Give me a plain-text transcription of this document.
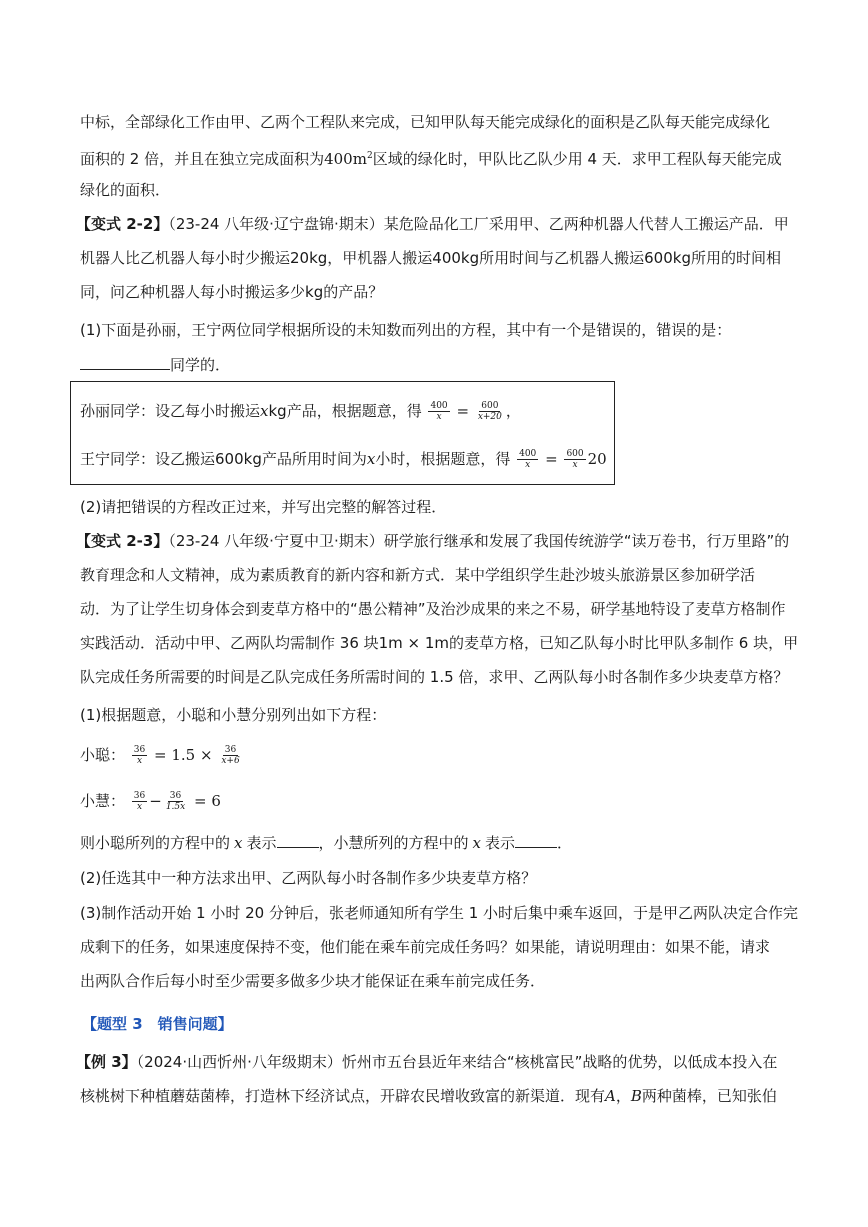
中标，全部绿化工作由甲、乙两个工程队来完成，已知甲队每天能完成绿化的面积是乙队每天能完成绿化
面积的 2 倍，并且在独立完成面积为$400m^2$区域的绿化时，甲队比乙队少用 4 天．求甲工程队每天能完成
绿化的面积．
【变式 2-2】（23-24 八年级·辽宁盘锦·期末）某危险品化工厂采用甲、乙两种机器人代替人工搬运产品．甲
机器人比乙机器人每小时少搬运20kg，甲机器人搬运400kg所用时间与乙机器人搬运600kg所用的时间相
同，问乙种机器人每小时搬运多少kg的产品？
(1)下面是孙丽，王宁两位同学根据所设的未知数而列出的方程，其中有一个是错误的，错误的是：
同学的．
孙丽同学：设乙每小时搬运xkg产品，根据题意，得 $\frac{400}{x} = \frac{600}{x+20}$ ，
王宁同学：设乙搬运600kg产品所用时间为x小时，根据题意，得 $\frac{400}{x} = \frac{600}{x} 20$
(2)请把错误的方程改正过来，并写出完整的解答过程．
【变式 2-3】（23-24 八年级·宁夏中卫·期末）研学旅行继承和发展了我国传统游学“读万卷书，行万里路”的
教育理念和人文精神，成为素质教育的新内容和新方式．某中学组织学生赴沙坡头旅游景区参加研学活
动．为了让学生切身体会到麦草方格中的“愚公精神”及治沙成果的来之不易，研学基地特设了麦草方格制作
实践活动．活动中甲、乙两队均需制作 36 块1m × 1m的麦草方格，已知乙队每小时比甲队多制作 6 块，甲
队完成任务所需要的时间是乙队完成任务所需时间的 1.5 倍，求甲、乙两队每小时各制作多少块麦草方格？
(1)根据题意，小聪和小慧分别列出如下方程：
小聪： $\frac{36}{x} = 1.5 \times \frac{36}{x+6}$
小慧： $\frac{36}{x} - \frac{36}{1.5x} = 6$
则小聪所列的方程中的 x 表示	，小慧所列的方程中的 x 表示	．
(2)任选其中一种方法求出甲、乙两队每小时各制作多少块麦草方格？
(3)制作活动开始 1 小时 20 分钟后，张老师通知所有学生 1 小时后集中乘车返回，于是甲乙两队决定合作完
成剩下的任务，如果速度保持不变，他们能在乘车前完成任务吗？如果能，请说明理由：如果不能，请求
出两队合作后每小时至少需要多做多少块才能保证在乘车前完成任务．
【题型 3　销售问题】
【例 3】（2024·山西忻州·八年级期末）忻州市五台县近年来结合“核桃富民”战略的优势，以低成本投入在
核桃树下种植蘑菇菌棒，打造林下经济试点，开辟农民增收致富的新渠道．现有A，B两种菌棒，已知张伯
